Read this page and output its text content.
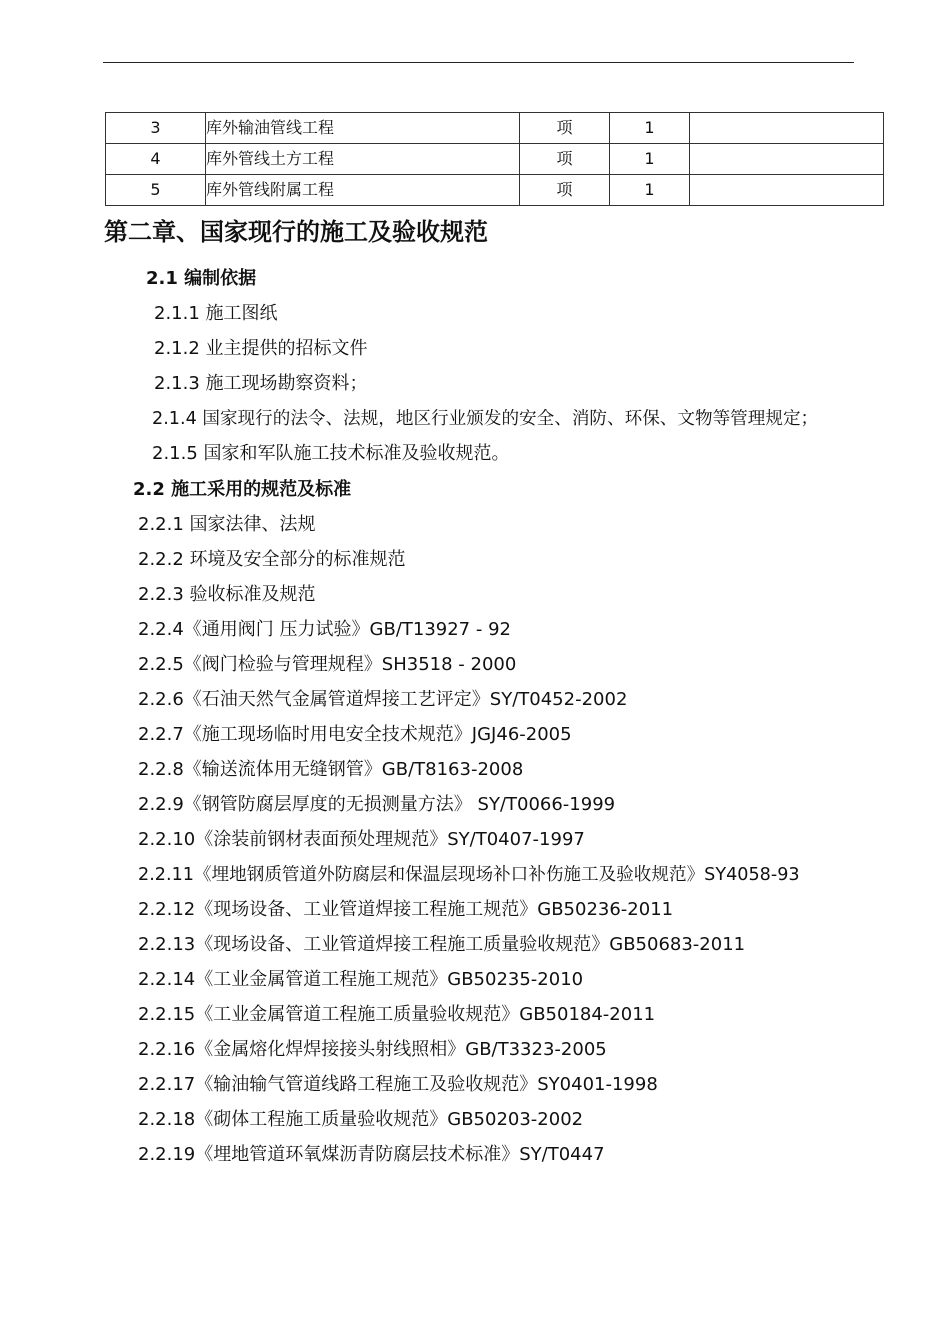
3	库外输油管线工程	项	1	
4	库外管线土方工程	项	1	
5	库外管线附属工程	项	1	
第二章、国家现行的施工及验收规范
2.1 编制依据
2.1.1 施工图纸
2.1.2 业主提供的招标文件
2.1.3 施工现场勘察资料；
2.1.4 国家现行的法令、法规，地区行业颁发的安全、消防、环保、文物等管理规定；
2.1.5 国家和军队施工技术标准及验收规范。
2.2 施工采用的规范及标准
2.2.1 国家法律、法规
2.2.2 环境及安全部分的标准规范
2.2.3 验收标准及规范
2.2.4《通用阀门 压力试验》GB/T13927 - 92
2.2.5《阀门检验与管理规程》SH3518 - 2000
2.2.6《石油天然气金属管道焊接工艺评定》SY/T0452-2002
2.2.7《施工现场临时用电安全技术规范》JGJ46-2005
2.2.8《输送流体用无缝钢管》GB/T8163-2008
2.2.9《钢管防腐层厚度的无损测量方法》 SY/T0066-1999
2.2.10《涂装前钢材表面预处理规范》SY/T0407-1997
2.2.11《埋地钢质管道外防腐层和保温层现场补口补伤施工及验收规范》SY4058-93
2.2.12《现场设备、工业管道焊接工程施工规范》GB50236-2011
2.2.13《现场设备、工业管道焊接工程施工质量验收规范》GB50683-2011
2.2.14《工业金属管道工程施工规范》GB50235-2010
2.2.15《工业金属管道工程施工质量验收规范》GB50184-2011
2.2.16《金属熔化焊焊接接头射线照相》GB/T3323-2005
2.2.17《输油输气管道线路工程施工及验收规范》SY0401-1998
2.2.18《砌体工程施工质量验收规范》GB50203-2002
2.2.19《埋地管道环氧煤沥青防腐层技术标准》SY/T0447
